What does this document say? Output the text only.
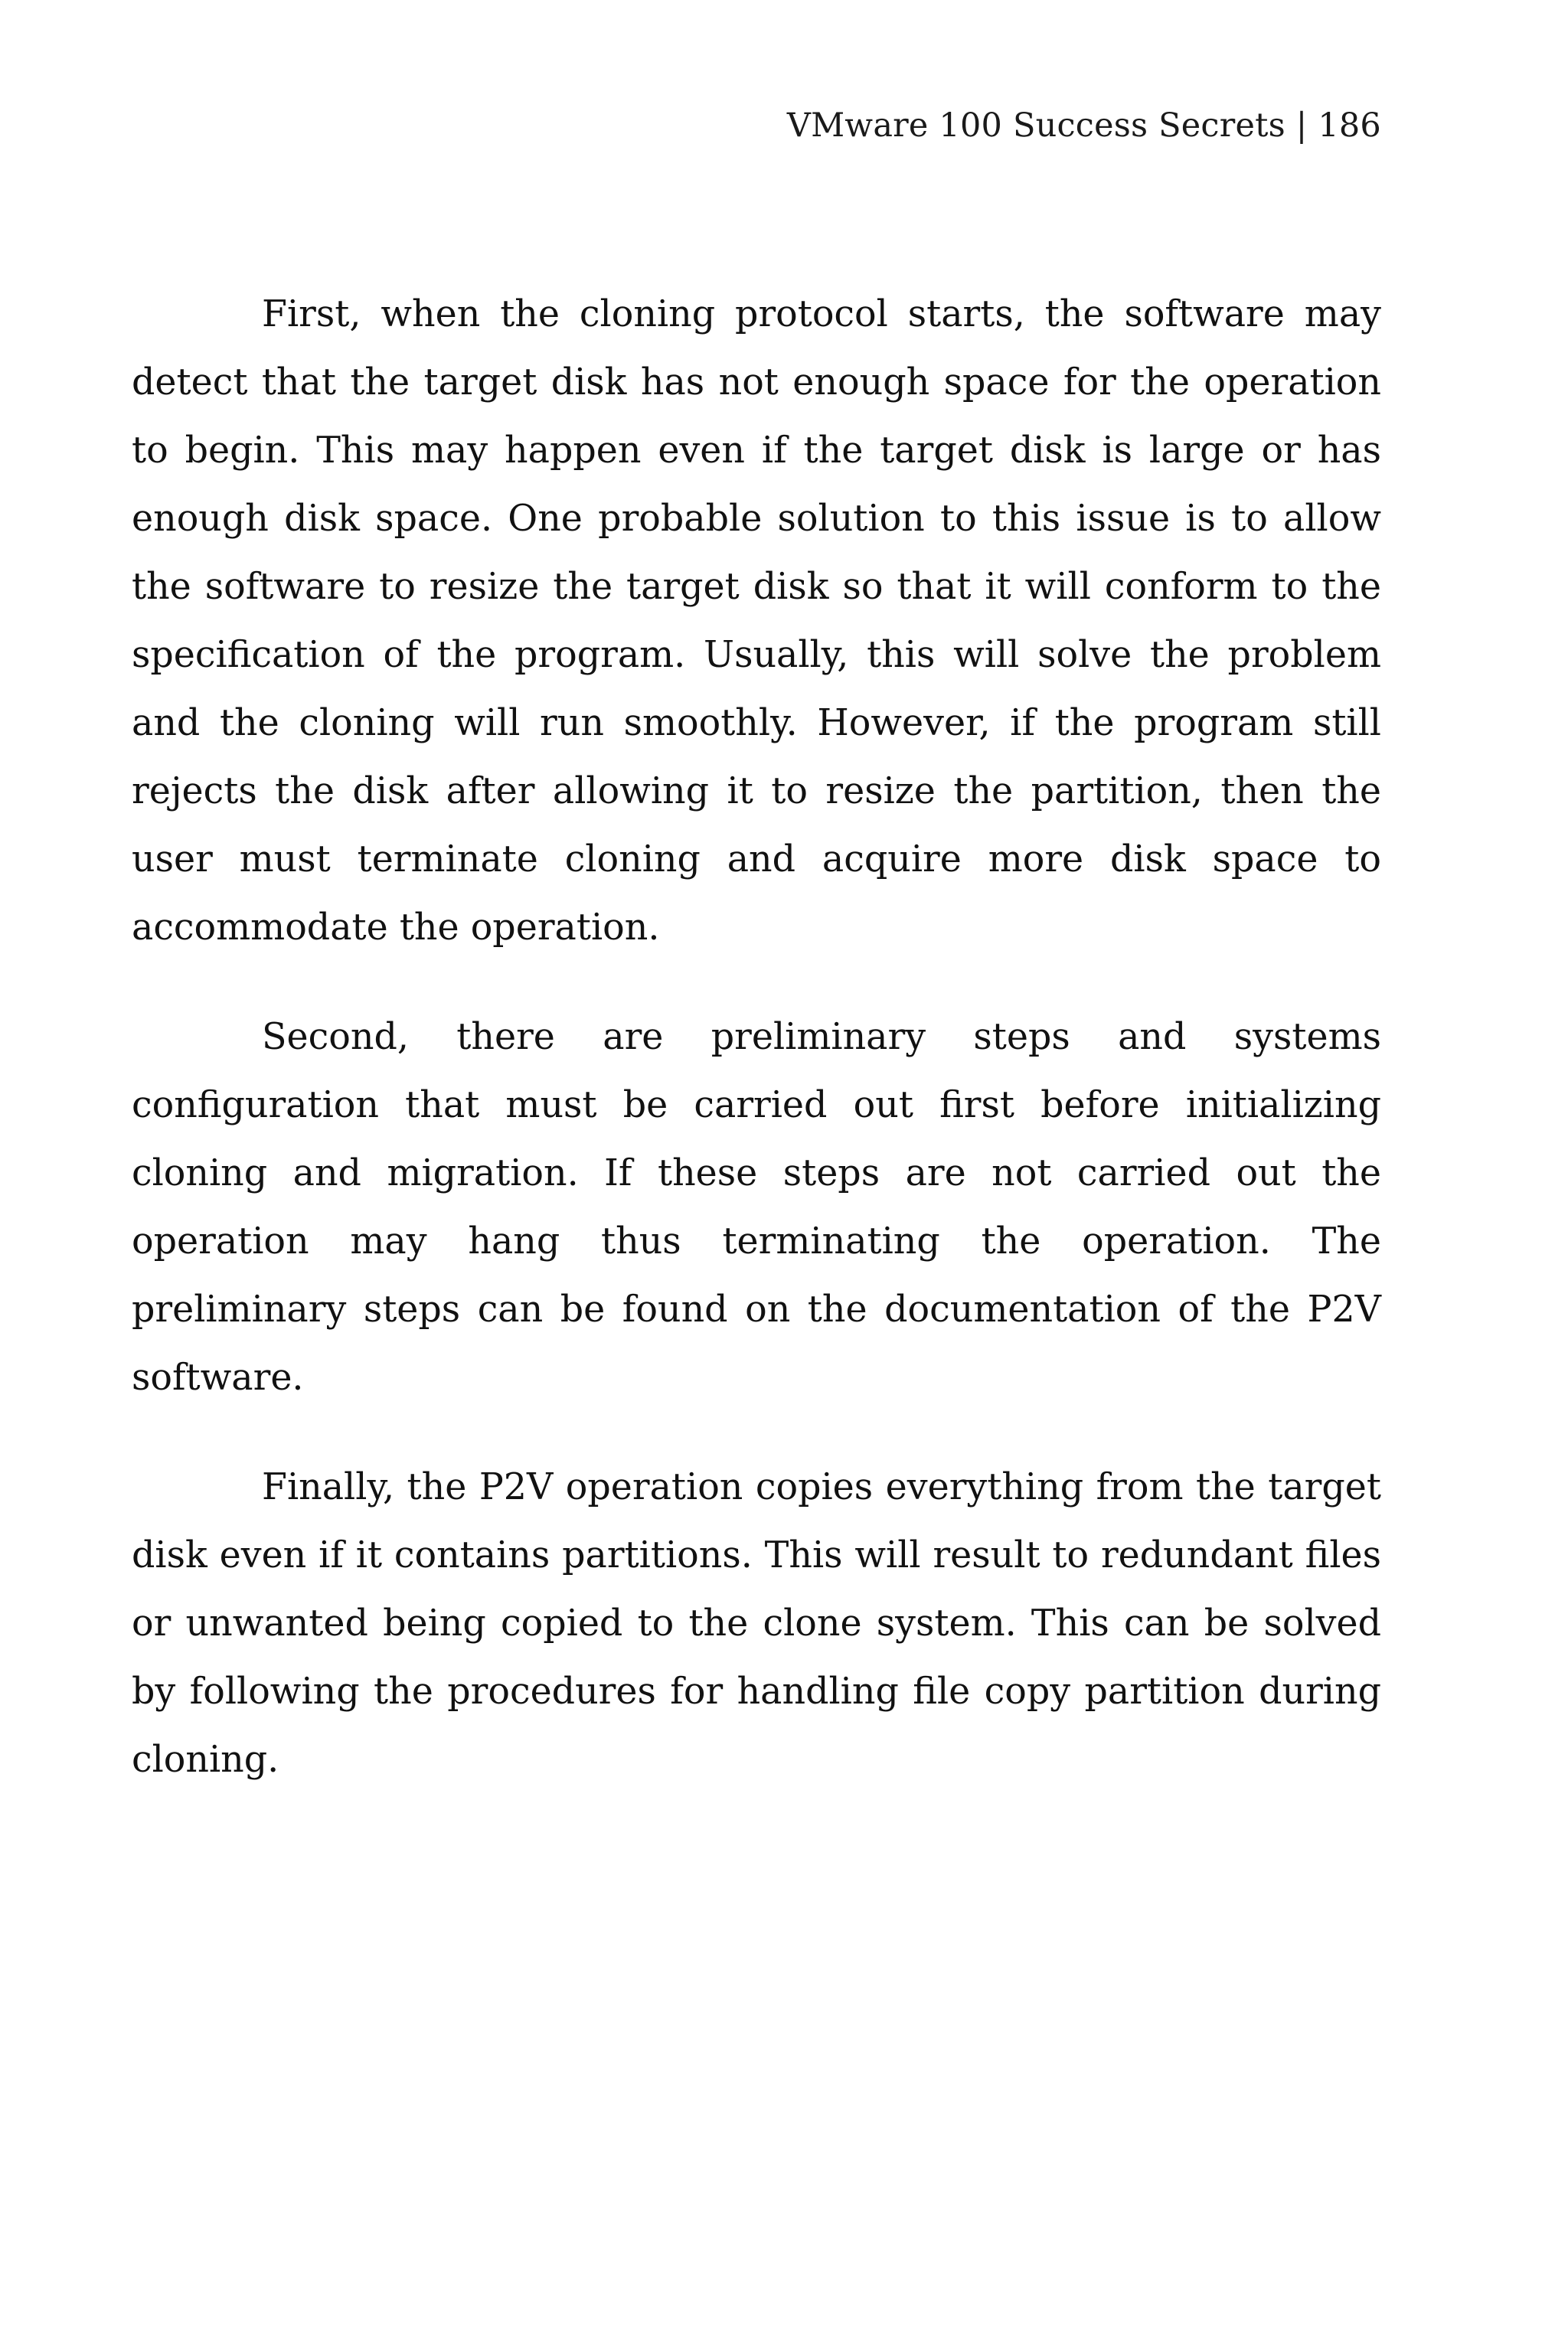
VMware 100 Success Secrets | 186

First, when the cloning protocol starts, the software may detect that the target disk has not enough space for the operation to begin. This may happen even if the target disk is large or has enough disk space. One probable solution to this issue is to allow the software to resize the target disk so that it will conform to the specification of the program. Usually, this will solve the problem and the cloning will run smoothly. However, if the program still rejects the disk after allowing it to resize the partition, then the user must terminate cloning and acquire more disk space to accommodate the operation.

Second, there are preliminary steps and systems configuration that must be carried out first before initializing cloning and migration. If these steps are not carried out the operation may hang thus terminating the operation. The preliminary steps can be found on the documentation of the P2V software.

Finally, the P2V operation copies everything from the target disk even if it contains partitions. This will result to redundant files or unwanted being copied to the clone system. This can be solved by following the procedures for handling file copy partition during cloning.
